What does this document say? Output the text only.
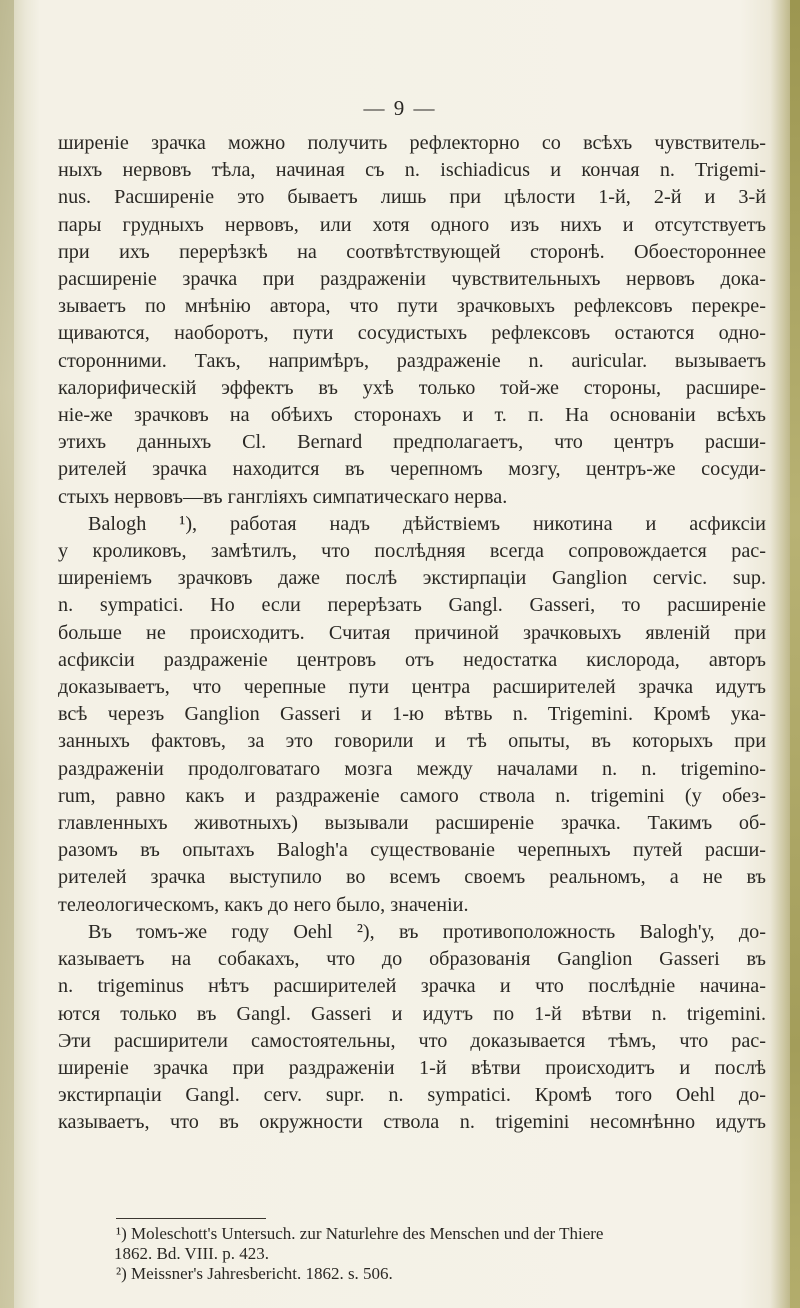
— 9 —
ширеніе зрачка можно получить рефлекторно со всѣхъ чувствитель-
ныхъ нервовъ тѣла, начиная съ n. ischiadicus и кончая n. Trigemi-
nus. Расширеніе это бываетъ лишь при цѣлости 1-й, 2-й и 3-й
пары грудныхъ нервовъ, или хотя одного изъ нихъ и отсутствуетъ
при ихъ перерѣзкѣ на соотвѣтствующей сторонѣ. Обоестороннее
расширеніе зрачка при раздраженіи чувствительныхъ нервовъ дока-
зываетъ по мнѣнію автора, что пути зрачковыхъ рефлексовъ перекре-
щиваются, наоборотъ, пути сосудистыхъ рефлексовъ остаются одно-
сторонними. Такъ, напримѣръ, раздраженіе n. auricular. вызываетъ
калорифическій эффектъ въ ухѣ только той-же стороны, расшире-
ніе-же зрачковъ на обѣихъ сторонахъ и т. п. На основаніи всѣхъ
этихъ данныхъ Cl. Bernard предполагаетъ, что центръ расши-
рителей зрачка находится въ черепномъ мозгу, центръ-же сосуди-
стыхъ нервовъ—въ гангліяхъ симпатическаго нерва.
Balogh ¹), работая надъ дѣйствіемъ никотина и асфиксіи
у кроликовъ, замѣтилъ, что послѣдняя всегда сопровождается рас-
ширеніемъ зрачковъ даже послѣ экстирпаціи Ganglion cervic. sup.
n. sympatici. Но если перерѣзать Gangl. Gasseri, то расширеніе
больше не происходитъ. Считая причиной зрачковыхъ явленій при
асфиксіи раздраженіе центровъ отъ недостатка кислорода, авторъ
доказываетъ, что черепные пути центра расширителей зрачка идутъ
всѣ черезъ Ganglion Gasseri и 1-ю вѣтвь n. Trigemini. Кромѣ ука-
занныхъ фактовъ, за это говорили и тѣ опыты, въ которыхъ при
раздраженіи продолговатаго мозга между началами n. n. trigemino-
rum, равно какъ и раздраженіе самого ствола n. trigemini (у обез-
главленныхъ животныхъ) вызывали расширеніе зрачка. Такимъ об-
разомъ въ опытахъ Balogh'а существованіе черепныхъ путей расши-
рителей зрачка выступило во всемъ своемъ реальномъ, а не въ
телеологическомъ, какъ до него было, значеніи.
Въ томъ-же году Oehl ²), въ противоположность Balogh'у, до-
казываетъ на собакахъ, что до образованія Ganglion Gasseri въ
n. trigeminus нѣтъ расширителей зрачка и что послѣдніе начина-
ются только въ Gangl. Gasseri и идутъ по 1-й вѣтви n. trigemini.
Эти расширители самостоятельны, что доказывается тѣмъ, что рас-
ширеніе зрачка при раздраженіи 1-й вѣтви происходитъ и послѣ
экстирпаціи Gangl. cerv. supr. n. sympatici. Кромѣ того Oehl до-
казываетъ, что въ окружности ствола n. trigemini несомнѣнно идутъ
¹) Moleschott's Untersuch. zur Naturlehre des Menschen und der Thiere
1862. Bd. VIII. p. 423.
²) Meissner's Jahresbericht. 1862. s. 506.
